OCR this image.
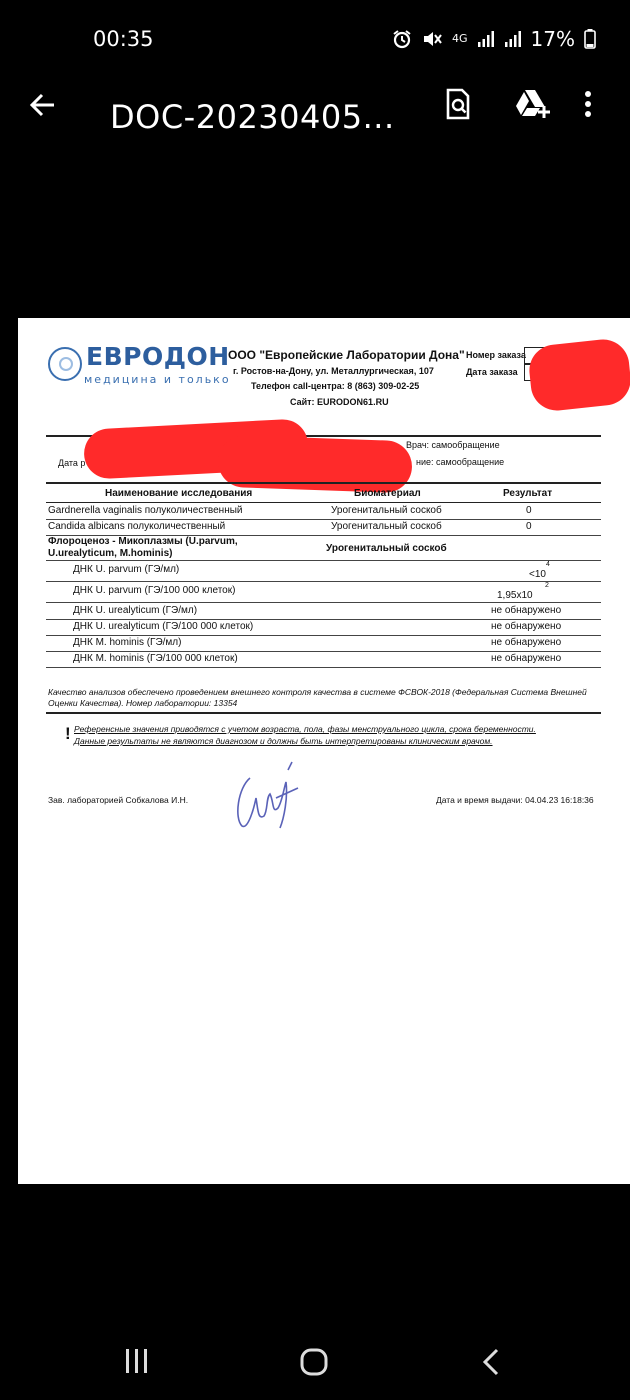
00:35	4G	17%
DOC-20230405...
ЕВРОДОН
медицина и только
ООО "Европейские Лаборатории Дона"
г. Ростов-на-Дону, ул. Металлургическая, 107
Телефон call-центра: 8 (863) 309-02-25
Сайт: EURODON61.RU
Номер заказа
Дата заказа
Дата р
Врач: самообращение
ние: самообращение
Наименование исследования	Биоматериал	Результат
Gardnerella vaginalis полуколичественный	Урогенитальный соскоб	0
Candida albicans полуколичественный	Урогенитальный соскоб	0
Флороценоз - Микоплазмы (U.parvum,
U.urealyticum, M.hominis)	Урогенитальный соскоб
ДНК U. parvum (ГЭ/мл)	<10
4
ДНК U. parvum (ГЭ/100 000 клеток)	1,95x10
2
ДНК U. urealyticum (ГЭ/мл)	не обнаружено
ДНК U. urealyticum (ГЭ/100 000 клеток)	не обнаружено
ДНК M. hominis (ГЭ/мл)	не обнаружено
ДНК M. hominis (ГЭ/100 000 клеток)	не обнаружено
Качество анализов обеспечено проведением внешнего контроля качества в системе ФСВОК-2018 (Федеральная Система Внешней Оценки Качества). Номер лаборатории: 13354
! Референсные значения приводятся с учетом возраста, пола, фазы менструального цикла, срока беременности.
Данные результаты не являются диагнозом и должны быть интерпретированы клиническим врачом.
Зав. лабораторией Собкалова И.Н.	Дата и время выдачи: 04.04.23 16:18:36
